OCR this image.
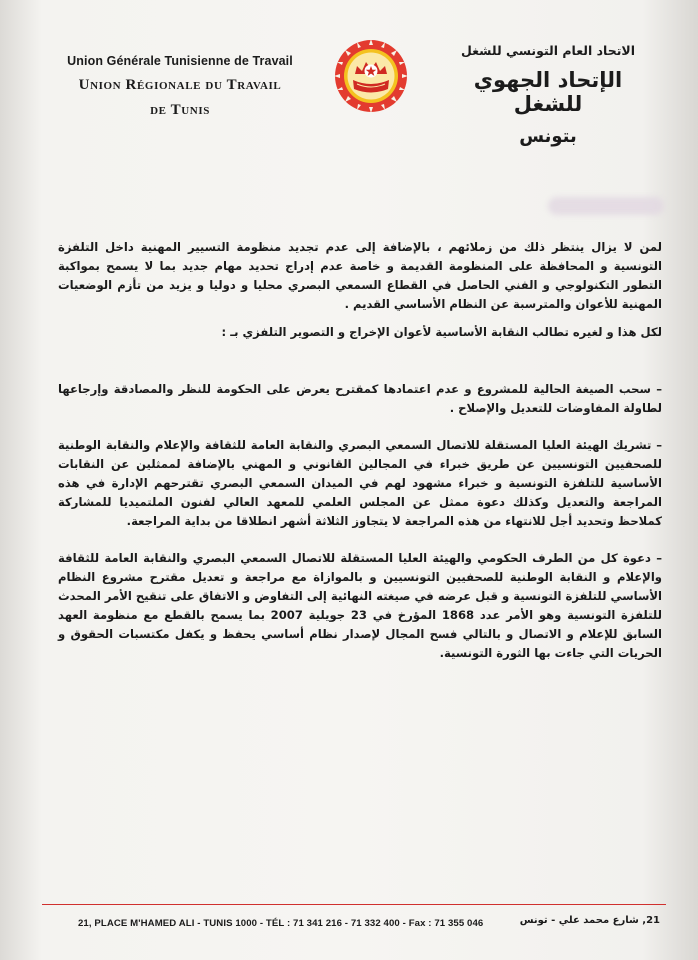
Union Générale Tunisienne de Travail
Union Régionale du Travail
de Tunis
الاتحاد العام التونسي للشغل
الإتحاد الجهوي للشغل
بتونس

لمن لا يزال ينتظر ذلك من زملائهم ، بالإضافة إلى عدم تجديد منظومة التسيير المهنية داخل التلفزة التونسية و المحافظة على المنظومة القديمة و خاصة عدم إدراج تحديد مهام جديد بما لا يسمح بمواكبة التطور التكنولوجي و الفني الحاصل في القطاع السمعي البصري محليا و دوليا و يزيد من تأزم الوضعيات المهنية للأعوان والمترسبة عن النظام الأساسي القديم .

لكل هذا و لغيره تطالب النقابة الأساسية لأعوان الإخراج و التصوير التلفزي بـ :

– سحب الصيغة الحالية للمشروع و عدم اعتمادها كمقترح يعرض على الحكومة للنظر والمصادقة وإرجاعها لطاولة المفاوضات للتعديل والإصلاح .

– تشريك الهيئة العليا المستقلة للاتصال السمعي البصري والنقابة العامة للثقافة والإعلام والنقابة الوطنية للصحفيين التونسيين عن طريق خبراء في المجالين القانوني و المهني بالإضافة لممثلين عن النقابات الأساسية للتلفزة التونسية و خبراء مشهود لهم في الميدان السمعي البصري تقترحهم الإدارة في هذه المراجعة والتعديل وكذلك دعوة ممثل عن المجلس العلمي للمعهد العالي لفنون الملتميديا للمشاركة كملاحظ وتحديد أجل للانتهاء من هذه المراجعة لا يتجاوز الثلاثة أشهر انطلاقا من بداية المراجعة.

– دعوة كل من الطرف الحكومي والهيئة العليا المستقلة للاتصال السمعي البصري والنقابة العامة للثقافة والإعلام و النقابة الوطنية للصحفيين التونسيين و بالموازاة مع مراجعة و تعديل مقترح مشروع النظام الأساسي للتلفزة التونسية و قبل عرضه في صيغته النهائية إلى التفاوض و الاتفاق على تنقيح الأمر المحدث للتلفزة التونسية وهو الأمر عدد 1868 المؤرخ في 23 جويلية 2007 بما يسمح بالقطع مع منظومة العهد السابق للإعلام و الاتصال و بالتالي فسح المجال لإصدار نظام أساسي يحفظ و يكفل مكتسبات الحقوق و الحريات التي جاءت بها الثورة التونسية.

21, PLACE M'HAMED ALI - TUNIS 1000 - TÉL : 71 341 216 - 71 332 400 - Fax : 71 355 046	21, شارع محمد علي - تونس
